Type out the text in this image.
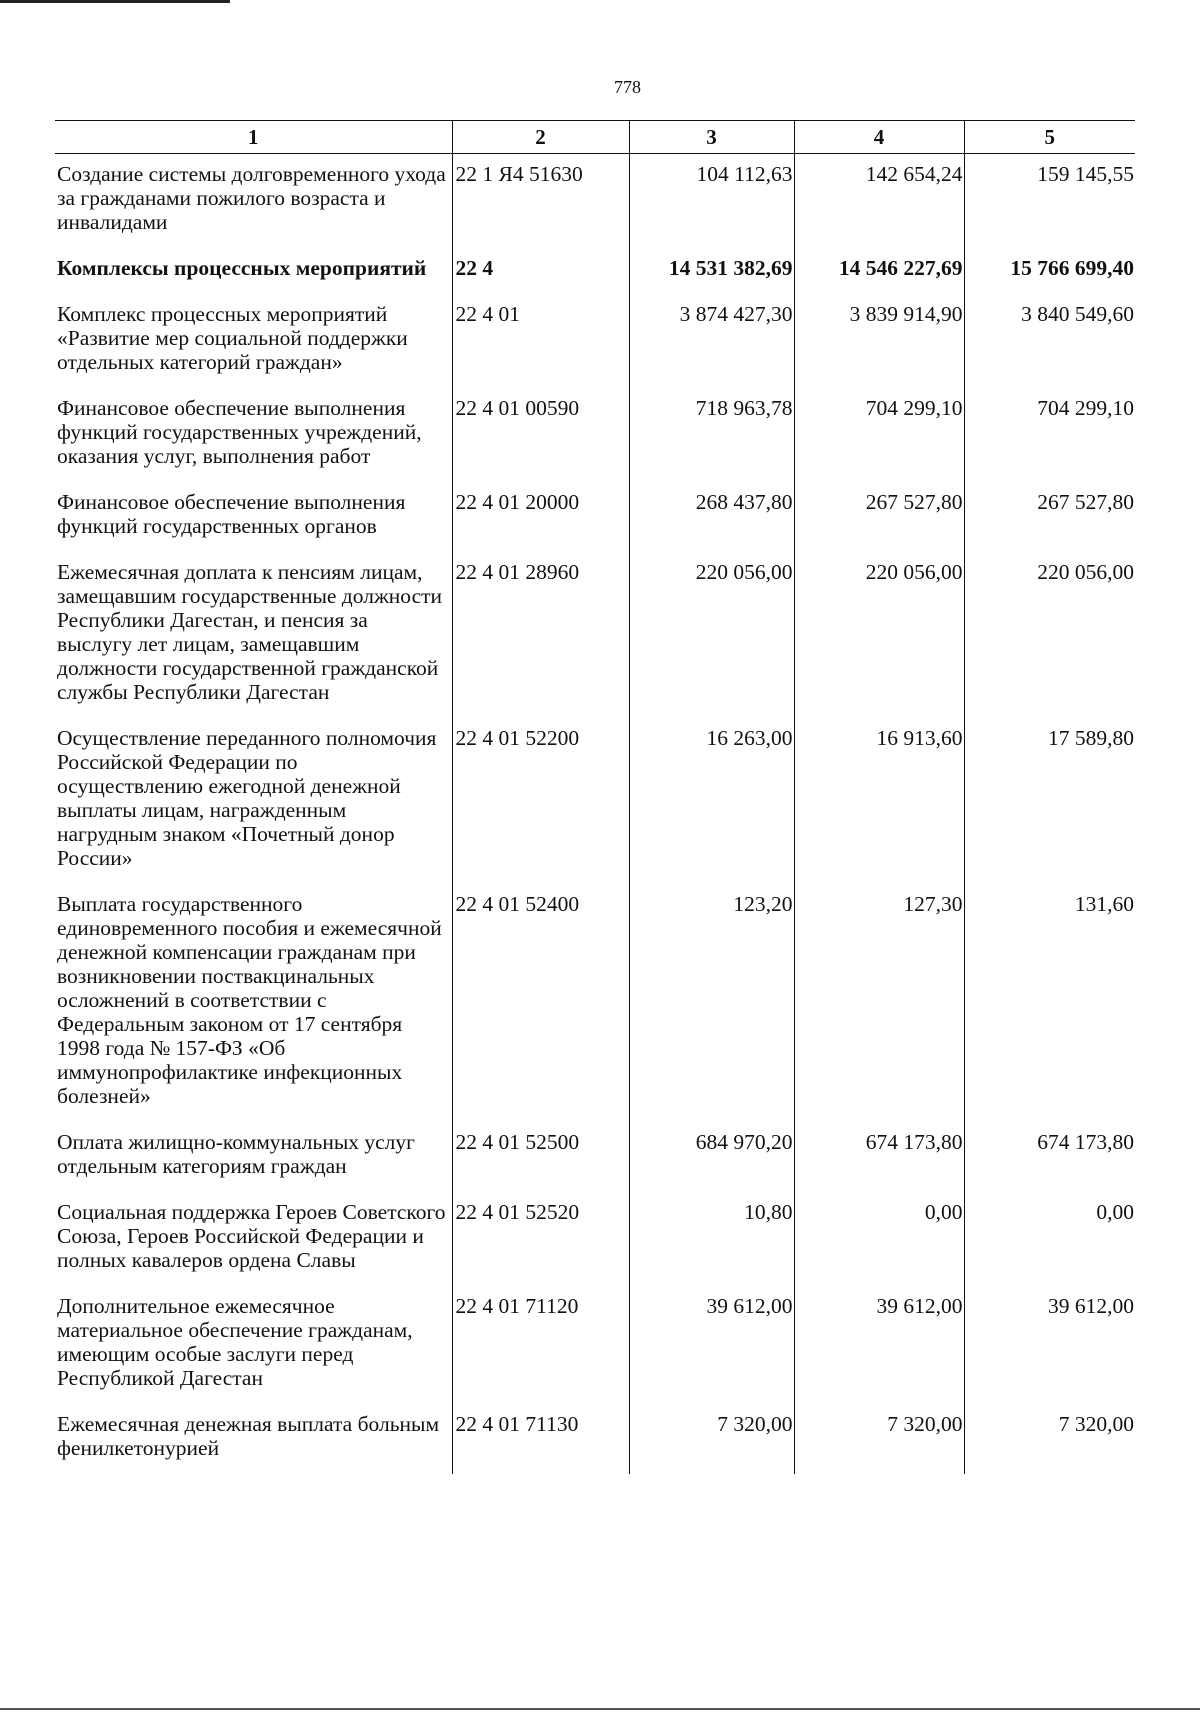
778
1	2	3	4	5
Создание системы долговременного ухода за гражданами пожилого возраста и инвалидами	22 1 Я4 51630	104 112,63	142 654,24	159 145,55
Комплексы процессных мероприятий	22 4	14 531 382,69	14 546 227,69	15 766 699,40
Комплекс процессных мероприятий «Развитие мер социальной поддержки отдельных категорий граждан»	22 4 01	3 874 427,30	3 839 914,90	3 840 549,60
Финансовое обеспечение выполнения функций государственных учреждений, оказания услуг, выполнения работ	22 4 01 00590	718 963,78	704 299,10	704 299,10
Финансовое обеспечение выполнения функций государственных органов	22 4 01 20000	268 437,80	267 527,80	267 527,80
Ежемесячная доплата к пенсиям лицам, замещавшим государственные должности Республики Дагестан, и пенсия за выслугу лет лицам, замещавшим должности государственной гражданской службы Республики Дагестан	22 4 01 28960	220 056,00	220 056,00	220 056,00
Осуществление переданного полномочия Российской Федерации по осуществлению ежегодной денежной выплаты лицам, награжденным нагрудным знаком «Почетный донор России»	22 4 01 52200	16 263,00	16 913,60	17 589,80
Выплата государственного единовременного пособия и ежемесячной денежной компенсации гражданам при возникновении поствакцинальных осложнений в соответствии с Федеральным законом от 17 сентября 1998 года № 157-ФЗ «Об иммунопрофилактике инфекционных болезней»	22 4 01 52400	123,20	127,30	131,60
Оплата жилищно-коммунальных услуг отдельным категориям граждан	22 4 01 52500	684 970,20	674 173,80	674 173,80
Социальная поддержка Героев Советского Союза, Героев Российской Федерации и полных кавалеров ордена Славы	22 4 01 52520	10,80	0,00	0,00
Дополнительное ежемесячное материальное обеспечение гражданам, имеющим особые заслуги перед Республикой Дагестан	22 4 01 71120	39 612,00	39 612,00	39 612,00
Ежемесячная денежная выплата больным фенилкетонурией	22 4 01 71130	7 320,00	7 320,00	7 320,00
